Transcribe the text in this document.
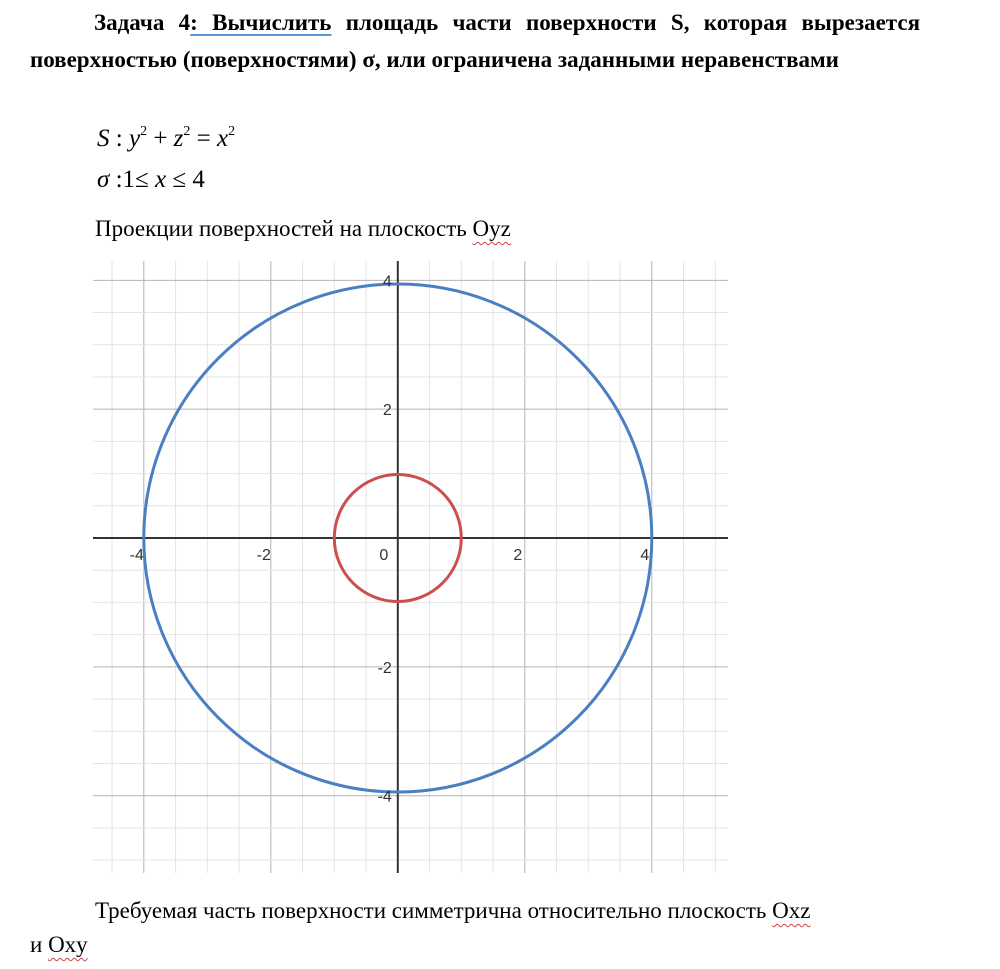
Задача 4: Вычислить площадь части поверхности S, которая вырезается поверхностью (поверхностями) σ, или ограничена заданными неравенствами
S : $y^2 + z^2 = x^2$
σ :1≤ x ≤ 4
Проекции поверхностей на плоскость Oyz
-4	-2	0	2	4
4
2
-2
-4
Требуемая часть поверхности симметрична относительно плоскость Oxz
и Oxy
